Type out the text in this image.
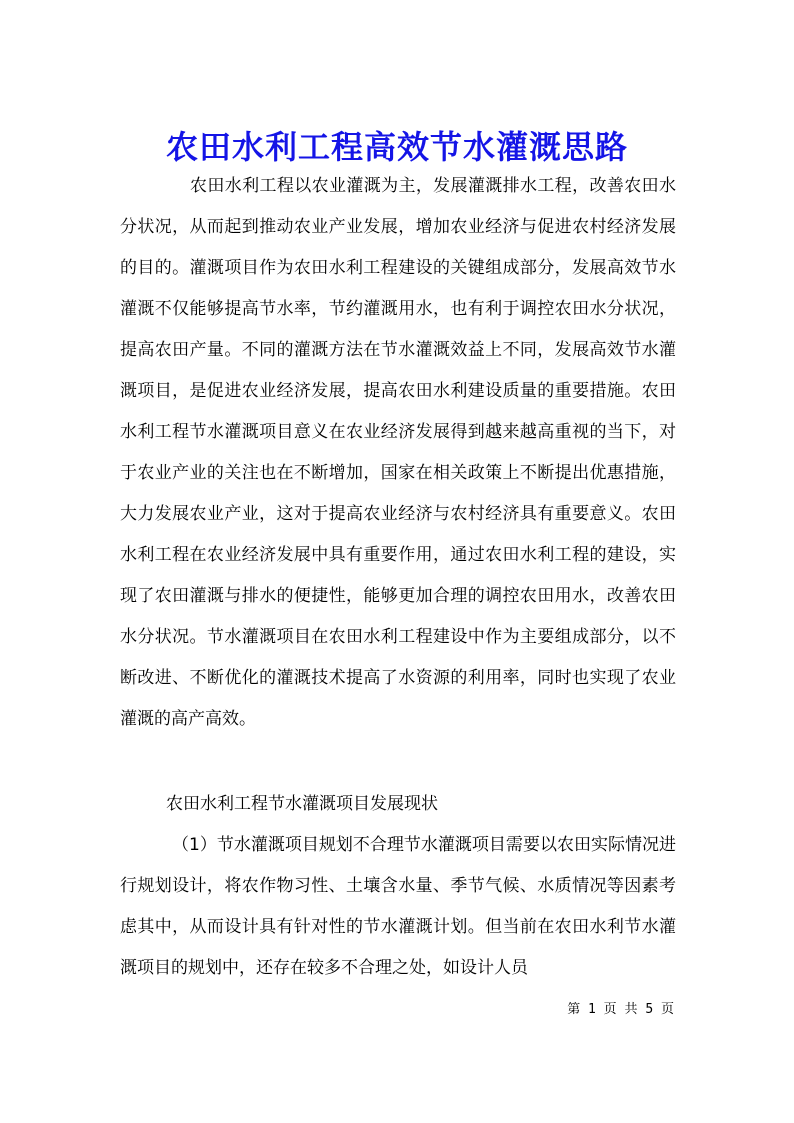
农田水利工程高效节水灌溉思路

农田水利工程以农业灌溉为主，发展灌溉排水工程，改善农田水分状况，从而起到推动农业产业发展，增加农业经济与促进农村经济发展的目的。灌溉项目作为农田水利工程建设的关键组成部分，发展高效节水灌溉不仅能够提高节水率，节约灌溉用水，也有利于调控农田水分状况，提高农田产量。不同的灌溉方法在节水灌溉效益上不同，发展高效节水灌溉项目，是促进农业经济发展，提高农田水利建设质量的重要措施。农田水利工程节水灌溉项目意义在农业经济发展得到越来越高重视的当下，对于农业产业的关注也在不断增加，国家在相关政策上不断提出优惠措施，大力发展农业产业，这对于提高农业经济与农村经济具有重要意义。农田水利工程在农业经济发展中具有重要作用，通过农田水利工程的建设，实现了农田灌溉与排水的便捷性，能够更加合理的调控农田用水，改善农田水分状况。节水灌溉项目在农田水利工程建设中作为主要组成部分，以不断改进、不断优化的灌溉技术提高了水资源的利用率，同时也实现了农业灌溉的高产高效。

农田水利工程节水灌溉项目发展现状

（1）节水灌溉项目规划不合理节水灌溉项目需要以农田实际情况进行规划设计，将农作物习性、土壤含水量、季节气候、水质情况等因素考虑其中，从而设计具有针对性的节水灌溉计划。但当前在农田水利节水灌溉项目的规划中，还存在较多不合理之处，如设计人员

第 1 页 共 5 页
